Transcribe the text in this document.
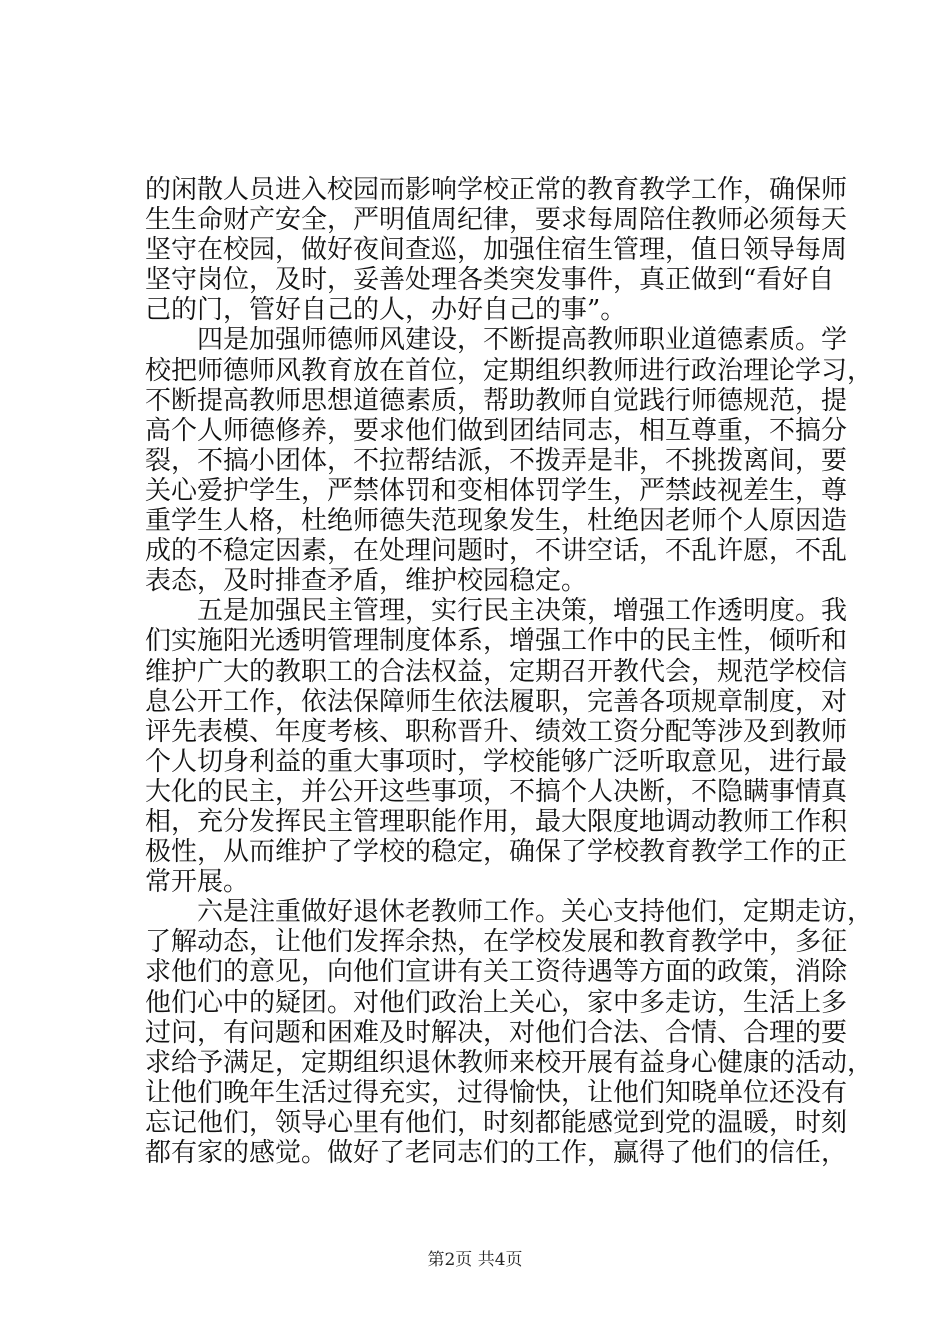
的闲散人员进入校园而影响学校正常的教育教学工作，确保师
生生命财产安全，严明值周纪律，要求每周陪住教师必须每天
坚守在校园，做好夜间查巡，加强住宿生管理，值日领导每周
坚守岗位，及时，妥善处理各类突发事件，真正做到“看好自
己的门，管好自己的人，办好自己的事”。
四是加强师德师风建设，不断提高教师职业道德素质。学
校把师德师风教育放在首位，定期组织教师进行政治理论学习，
不断提高教师思想道德素质，帮助教师自觉践行师德规范，提
高个人师德修养，要求他们做到团结同志，相互尊重，不搞分
裂，不搞小团体，不拉帮结派，不拨弄是非，不挑拨离间，要
关心爱护学生，严禁体罚和变相体罚学生，严禁歧视差生，尊
重学生人格，杜绝师德失范现象发生，杜绝因老师个人原因造
成的不稳定因素，在处理问题时，不讲空话，不乱许愿，不乱
表态，及时排查矛盾，维护校园稳定。
五是加强民主管理，实行民主决策，增强工作透明度。我
们实施阳光透明管理制度体系，增强工作中的民主性，倾听和
维护广大的教职工的合法权益，定期召开教代会，规范学校信
息公开工作，依法保障师生依法履职，完善各项规章制度，对
评先表模、年度考核、职称晋升、绩效工资分配等涉及到教师
个人切身利益的重大事项时，学校能够广泛听取意见，进行最
大化的民主，并公开这些事项，不搞个人决断，不隐瞒事情真
相，充分发挥民主管理职能作用，最大限度地调动教师工作积
极性，从而维护了学校的稳定，确保了学校教育教学工作的正
常开展。
六是注重做好退休老教师工作。关心支持他们，定期走访，
了解动态，让他们发挥余热，在学校发展和教育教学中，多征
求他们的意见，向他们宣讲有关工资待遇等方面的政策，消除
他们心中的疑团。对他们政治上关心，家中多走访，生活上多
过问，有问题和困难及时解决，对他们合法、合情、合理的要
求给予满足，定期组织退休教师来校开展有益身心健康的活动，
让他们晚年生活过得充实，过得愉快，让他们知晓单位还没有
忘记他们，领导心里有他们，时刻都能感觉到党的温暖，时刻
都有家的感觉。做好了老同志们的工作，赢得了他们的信任，
第2页 共4页
